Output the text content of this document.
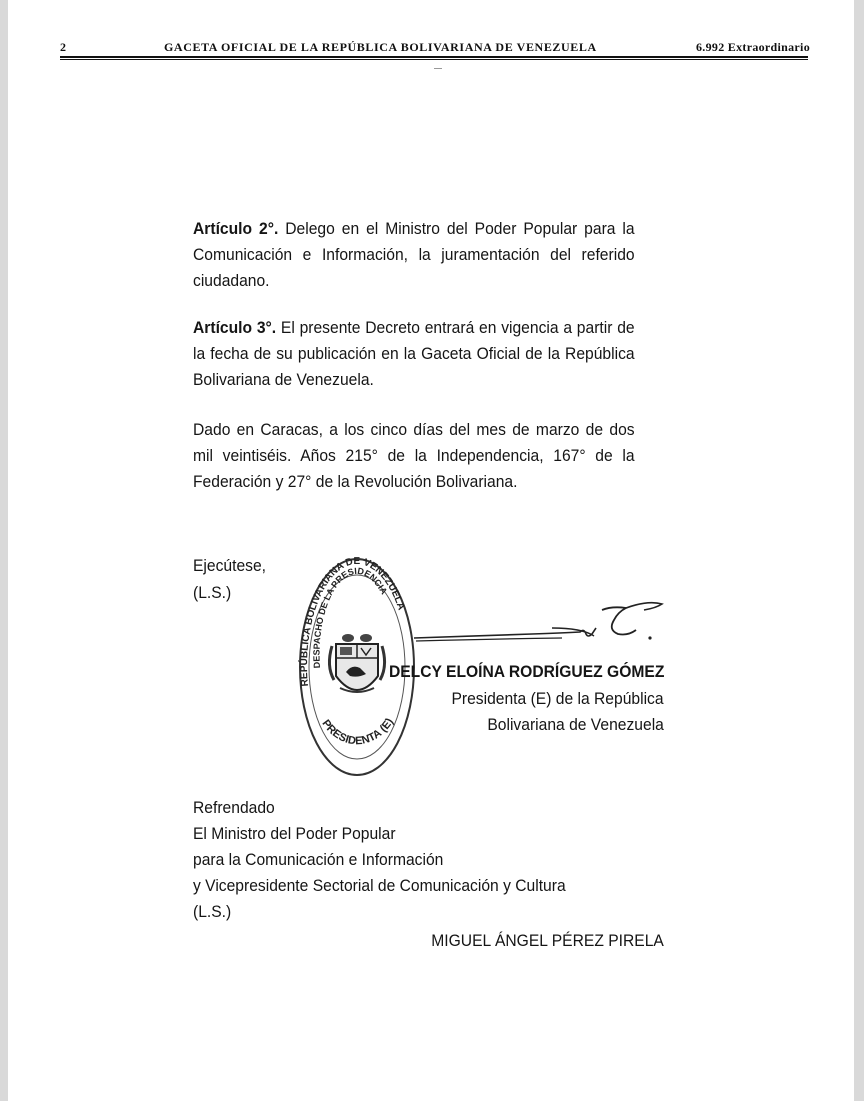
2	GACETA OFICIAL DE LA REPÚBLICA BOLIVARIANA DE VENEZUELA	6.992 Extraordinario

Artículo 2°. Delego en el Ministro del Poder Popular para la Comunicación e Información, la juramentación del referido ciudadano.

Artículo 3°. El presente Decreto entrará en vigencia a partir de la fecha de su publicación en la Gaceta Oficial de la República Bolivariana de Venezuela.

Dado en Caracas, a los cinco días del mes de marzo de dos mil veintiséis. Años 215° de la Independencia, 167° de la Federación y 27° de la Revolución Bolivariana.

Ejecútese,
(L.S.)
REPÚBLICA BOLIVARIANA DE VENEZUELA
DESPACHO DE LA PRESIDENCIA
PRESIDENTA (E)
DELCY ELOÍNA RODRÍGUEZ GÓMEZ
Presidenta (E) de la República
Bolivariana de Venezuela
Refrendado
El Ministro del Poder Popular
para la Comunicación e Información
y Vicepresidente Sectorial de Comunicación y Cultura
(L.S.)
MIGUEL ÁNGEL PÉREZ PIRELA
